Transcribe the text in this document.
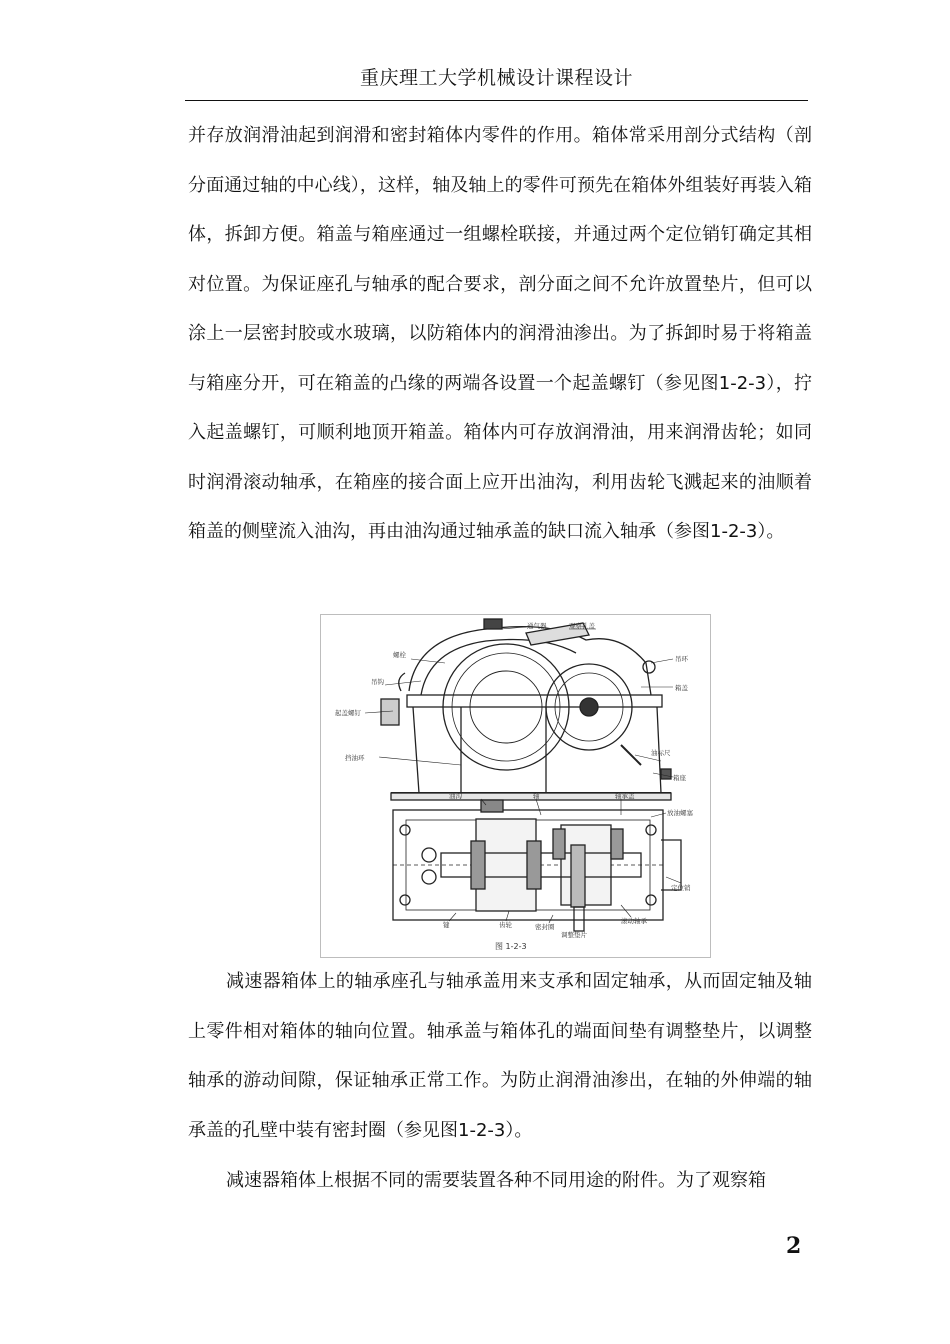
重庆理工大学机械设计课程设计

并存放润滑油起到润滑和密封箱体内零件的作用。箱体常采用剖分式结构（剖分面通过轴的中心线），这样，轴及轴上的零件可预先在箱体外组装好再装入箱体，拆卸方便。箱盖与箱座通过一组螺栓联接，并通过两个定位销钉确定其相对位置。为保证座孔与轴承的配合要求，剖分面之间不允许放置垫片，但可以涂上一层密封胶或水玻璃，以防箱体内的润滑油渗出。为了拆卸时易于将箱盖与箱座分开，可在箱盖的凸缘的两端各设置一个起盖螺钉（参见图1-2-3），拧入起盖螺钉，可顺利地顶开箱盖。箱体内可存放润滑油，用来润滑齿轮；如同时润滑滚动轴承，在箱座的接合面上应开出油沟，利用齿轮飞溅起来的油顺着箱盖的侧壁流入油沟，再由油沟通过轴承盖的缺口流入轴承（参图1-2-3）。

通气器	观察孔盖
螺栓
吊钩
吊环
箱盖
起盖螺钉
挡油环
油标尺
箱座
油沟	轴	轴承盖
放油螺塞
定位销
滚动轴承
键	齿轮	密封圈
调整垫片
图 1-2-3

减速器箱体上的轴承座孔与轴承盖用来支承和固定轴承，从而固定轴及轴上零件相对箱体的轴向位置。轴承盖与箱体孔的端面间垫有调整垫片，以调整轴承的游动间隙，保证轴承正常工作。为防止润滑油渗出，在轴的外伸端的轴承盖的孔壁中装有密封圈（参见图1-2-3）。

减速器箱体上根据不同的需要装置各种不同用途的附件。为了观察箱

2
